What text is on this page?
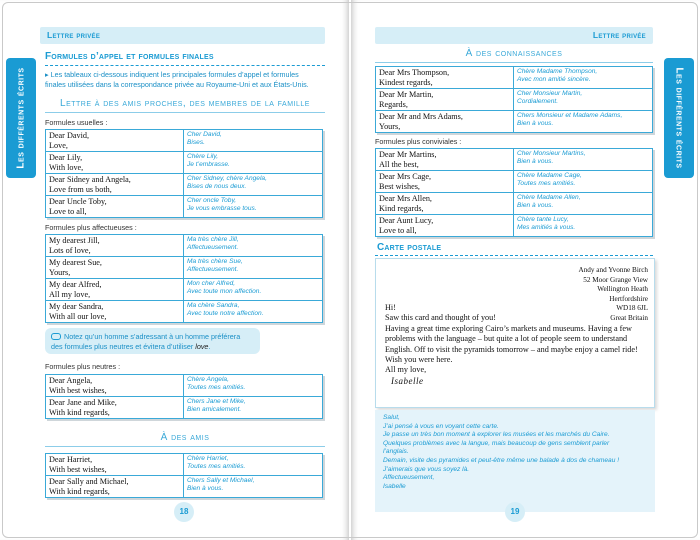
Lettre privée	Lettre privée
Les différents écrits	Les différents écrits
Formules d’appel et formules finales
▸ Les tableaux ci-dessous indiquent les principales formules d’appel et formules
finales utilisées dans la correspondance privée au Royaume-Uni et aux États-Unis.
Lettre à des amis proches, des membres de la famille
Formules usuelles :
Dear David,
Love,	Cher David,
Bises.

Dear Lily,
With love,	Chère Lily,
Je t’embrasse.

Dear Sidney and Angela,
Love from us both,	Cher Sidney, chère Angela,
Bises de nous deux.

Dear Uncle Toby,
Love to all,	Cher oncle Toby,
Je vous embrasse tous.
Formules plus affectueuses :
My dearest Jill,
Lots of love,	Ma très chère Jill,
Affectueusement.

My dearest Sue,
Yours,	Ma très chère Sue,
Affectueusement.

My dear Alfred,
All my love,	Mon cher Alfred,
Avec toute mon affection.

My dear Sandra,
With all our love,	Ma chère Sandra,
Avec toute notre affection.
Notez qu’un homme s’adressant à un homme préférera
des formules plus neutres et évitera d’utiliser love.
Formules plus neutres :
Dear Angela,
With best wishes,	Chère Angela,
Toutes mes amitiés.

Dear Jane and Mike,
With kind regards,	Chers Jane et Mike,
Bien amicalement.
À des amis
Dear Harriet,
With best wishes,	Chère Harriet,
Toutes mes amitiés.

Dear Sally and Michael,
With kind regards,	Chers Sally et Michael,
Bien à vous.
18
À des connaissances
Dear Mrs Thompson,
Kindest regards,	Chère Madame Thompson,
Avec mon amitié sincère.

Dear Mr Martin,
Regards,	Cher Monsieur Martin,
Cordialement.

Dear Mr and Mrs Adams,
Yours,	Chers Monsieur et Madame Adams,
Bien à vous.
Formules plus conviviales :
Dear Mr Martins,
All the best,	Cher Monsieur Martins,
Bien à vous.

Dear Mrs Cage,
Best wishes,	Chère Madame Cage,
Toutes mes amitiés.

Dear Mrs Allen,
Kind regards,	Chère Madame Allen,
Bien à vous.

Dear Aunt Lucy,
Love to all,	Chère tante Lucy,
Mes amitiés à vous.
Carte postale
Andy and Yvonne Birch
52 Moor Grange View
Wellington Heath
Hertfordshire
WD18 6JL
Great Britain
Hi!
Saw this card and thought of you!
Having a great time exploring Cairo’s markets and museums. Having a few problems with the language – but quite a lot of people seem to understand English. Off to visit the pyramids tomorrow – and maybe enjoy a camel ride!
Wish you were here.
All my love,
Isabelle
Salut,
J’ai pensé à vous en voyant cette carte.
Je passe un très bon moment à explorer les musées et les marchés du Caire.
Quelques problèmes avec la langue, mais beaucoup de gens semblent parler
l’anglais.
Demain, visite des pyramides et peut-être même une balade à dos de chameau !
J’aimerais que vous soyez là.
Affectueusement,
Isabelle
19
